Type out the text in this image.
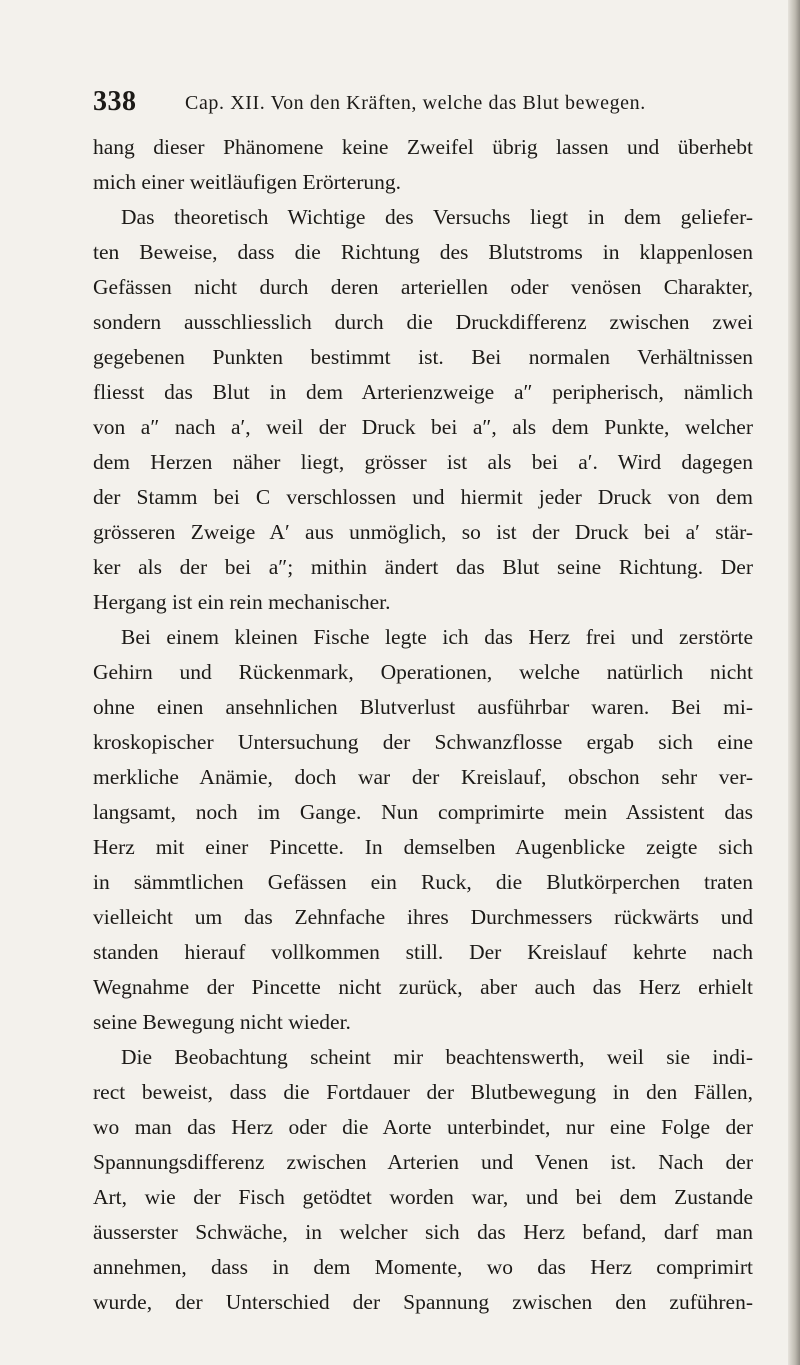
338 Cap. XII. Von den Kräften, welche das Blut bewegen.
hang dieser Phänomene keine Zweifel übrig lassen und überhebt
mich einer weitläufigen Erörterung.
Das theoretisch Wichtige des Versuchs liegt in dem geliefer-
ten Beweise, dass die Richtung des Blutstroms in klappenlosen
Gefässen nicht durch deren arteriellen oder venösen Charakter,
sondern ausschliesslich durch die Druckdifferenz zwischen zwei
gegebenen Punkten bestimmt ist. Bei normalen Verhältnissen
fliesst das Blut in dem Arterienzweige a″ peripherisch, nämlich
von a″ nach a′, weil der Druck bei a″, als dem Punkte, welcher
dem Herzen näher liegt, grösser ist als bei a′. Wird dagegen
der Stamm bei C verschlossen und hiermit jeder Druck von dem
grösseren Zweige A′ aus unmöglich, so ist der Druck bei a′ stär-
ker als der bei a″; mithin ändert das Blut seine Richtung. Der
Hergang ist ein rein mechanischer.
Bei einem kleinen Fische legte ich das Herz frei und zerstörte
Gehirn und Rückenmark, Operationen, welche natürlich nicht
ohne einen ansehnlichen Blutverlust ausführbar waren. Bei mi-
kroskopischer Untersuchung der Schwanzflosse ergab sich eine
merkliche Anämie, doch war der Kreislauf, obschon sehr ver-
langsamt, noch im Gange. Nun comprimirte mein Assistent das
Herz mit einer Pincette. In demselben Augenblicke zeigte sich
in sämmtlichen Gefässen ein Ruck, die Blutkörperchen traten
vielleicht um das Zehnfache ihres Durchmessers rückwärts und
standen hierauf vollkommen still. Der Kreislauf kehrte nach
Wegnahme der Pincette nicht zurück, aber auch das Herz erhielt
seine Bewegung nicht wieder.
Die Beobachtung scheint mir beachtenswerth, weil sie indi-
rect beweist, dass die Fortdauer der Blutbewegung in den Fällen,
wo man das Herz oder die Aorte unterbindet, nur eine Folge der
Spannungsdifferenz zwischen Arterien und Venen ist. Nach der
Art, wie der Fisch getödtet worden war, und bei dem Zustande
äusserster Schwäche, in welcher sich das Herz befand, darf man
annehmen, dass in dem Momente, wo das Herz comprimirt
wurde, der Unterschied der Spannung zwischen den zuführen-
